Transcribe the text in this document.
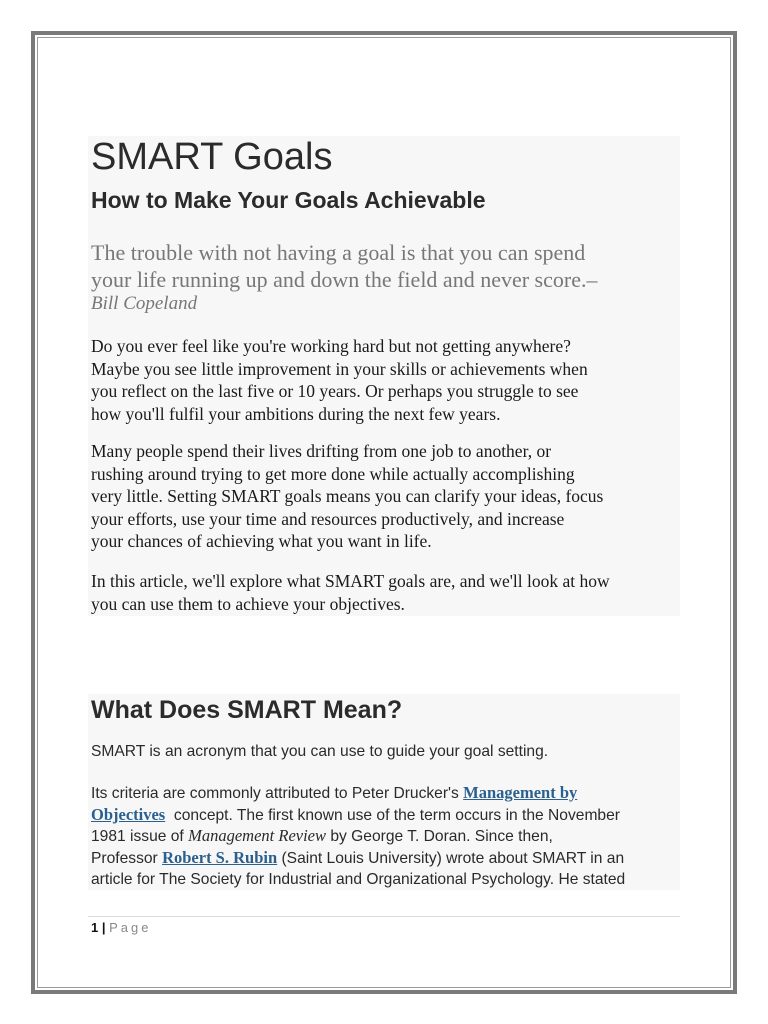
SMART Goals
How to Make Your Goals Achievable
The trouble with not having a goal is that you can spend
your life running up and down the field and never score.–
Bill Copeland
Do you ever feel like you're working hard but not getting anywhere?
Maybe you see little improvement in your skills or achievements when
you reflect on the last five or 10 years. Or perhaps you struggle to see
how you'll fulfil your ambitions during the next few years.
Many people spend their lives drifting from one job to another, or
rushing around trying to get more done while actually accomplishing
very little. Setting SMART goals means you can clarify your ideas, focus
your efforts, use your time and resources productively, and increase
your chances of achieving what you want in life.
In this article, we'll explore what SMART goals are, and we'll look at how
you can use them to achieve your objectives.
What Does SMART Mean?
SMART is an acronym that you can use to guide your goal setting.
Its criteria are commonly attributed to Peter Drucker's Management by
Objectives  concept. The first known use of the term occurs in the November
1981 issue of Management Review by George T. Doran. Since then,
Professor Robert S. Rubin (Saint Louis University) wrote about SMART in an
article for The Society for Industrial and Organizational Psychology. He stated
1 | Page
